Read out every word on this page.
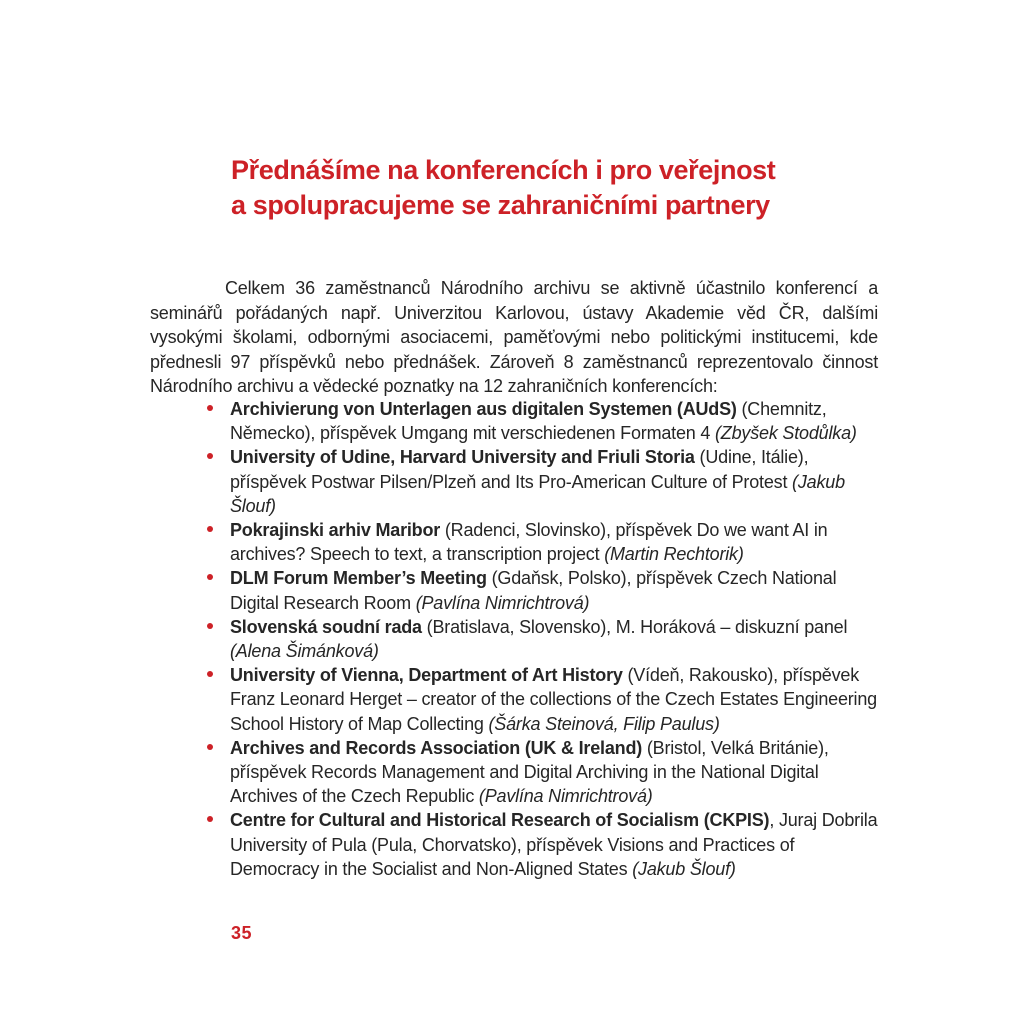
Přednášíme na konferencích i pro veřejnost
a spolupracujeme se zahraničními partnery

Celkem 36 zaměstnanců Národního archivu se aktivně účastnilo konferencí a seminářů pořádaných např. Univerzitou Karlovou, ústavy Akademie věd ČR, dalšími vysokými školami, odbornými asociacemi, paměťovými nebo politickými institucemi, kde přednesli 97 příspěvků nebo přednášek. Zároveň 8 zaměstnanců reprezentovalo činnost Národního archivu a vědecké poznatky na 12 zahraničních konferencích:

Archivierung von Unterlagen aus digitalen Systemen (AUdS) (Chemnitz, Německo), příspěvek Umgang mit verschiedenen Formaten 4 (Zbyšek Stodůlka)
University of Udine, Harvard University and Friuli Storia (Udine, Itálie), příspěvek Postwar Pilsen/Plzeň and Its Pro-American Culture of Protest (Jakub Šlouf)
Pokrajinski arhiv Maribor (Radenci, Slovinsko), příspěvek Do we want AI in archives? Speech to text, a transcription project (Martin Rechtorik)
DLM Forum Member’s Meeting (Gdaňsk, Polsko), příspěvek Czech National Digital Research Room (Pavlína Nimrichtrová)
Slovenská soudní rada (Bratislava, Slovensko), M. Horáková – diskuzní panel (Alena Šimánková)
University of Vienna, Department of Art History (Vídeň, Rakousko), příspěvek Franz Leonard Herget – creator of the collections of the Czech Estates Engineering School History of Map Collecting (Šárka Steinová, Filip Paulus)
Archives and Records Association (UK & Ireland) (Bristol, Velká Británie), příspěvek Records Management and Digital Archiving in the National Digital Archives of the Czech Republic (Pavlína Nimrichtrová)
Centre for Cultural and Historical Research of Socialism (CKPIS), Juraj Dobrila University of Pula (Pula, Chorvatsko), příspěvek Visions and Practices of Democracy in the Socialist and Non-Aligned States (Jakub Šlouf)
35
